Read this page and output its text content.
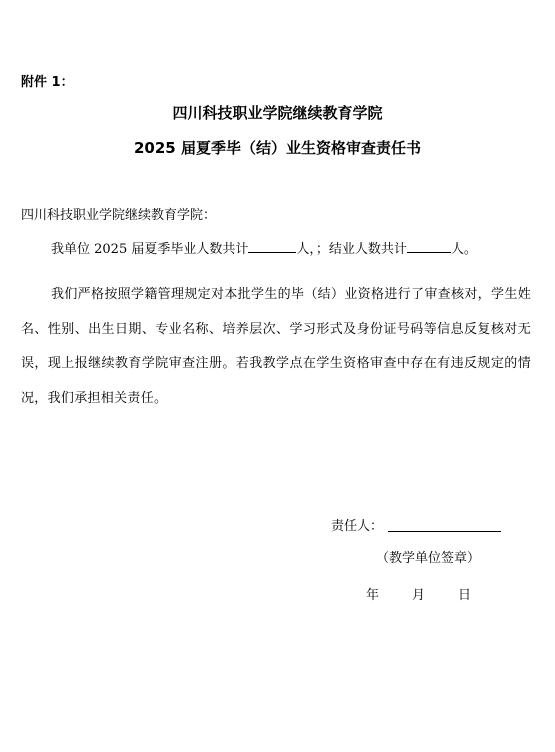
附件 1：
四川科技职业学院继续教育学院
2025 届夏季毕（结）业生资格审查责任书
四川科技职业学院继续教育学院：
我单位 2025 届夏季毕业人数共计	人，；结业人数共计	人。
我们严格按照学籍管理规定对本批学生的毕（结）业资格进行了审查核对，学生姓名、性别、出生日期、专业名称、培养层次、学习形式及身份证号码等信息反复核对无误，现上报继续教育学院审查注册。若我教学点在学生资格审查中存在有违反规定的情况，我们承担相关责任。
责任人：
（教学单位签章）
年	月	日
